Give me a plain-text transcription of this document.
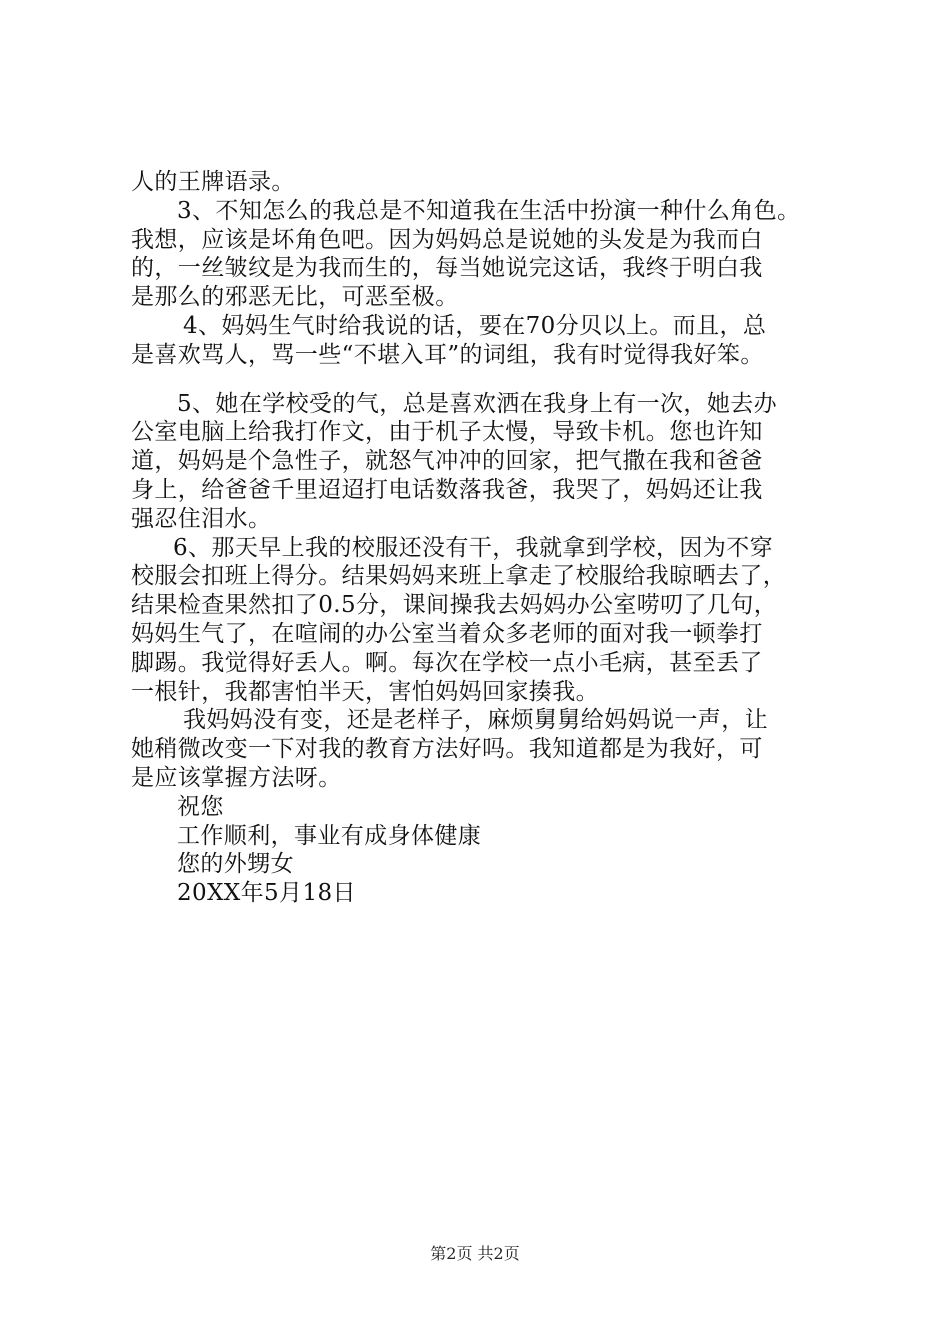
人的王牌语录。
3、不知怎么的我总是不知道我在生活中扮演一种什么角色。
我想，应该是坏角色吧。因为妈妈总是说她的头发是为我而白
的，一丝皱纹是为我而生的，每当她说完这话，我终于明白我
是那么的邪恶无比，可恶至极。
4、妈妈生气时给我说的话，要在70分贝以上。而且，总
是喜欢骂人，骂一些“不堪入耳”的词组，我有时觉得我好笨。
5、她在学校受的气，总是喜欢洒在我身上有一次，她去办
公室电脑上给我打作文，由于机子太慢，导致卡机。您也许知
道，妈妈是个急性子，就怒气冲冲的回家，把气撒在我和爸爸
身上，给爸爸千里迢迢打电话数落我爸，我哭了，妈妈还让我
强忍住泪水。
6、那天早上我的校服还没有干，我就拿到学校，因为不穿
校服会扣班上得分。结果妈妈来班上拿走了校服给我晾晒去了，
结果检查果然扣了0.5分，课间操我去妈妈办公室唠叨了几句，
妈妈生气了，在喧闹的办公室当着众多老师的面对我一顿拳打
脚踢。我觉得好丢人。啊。每次在学校一点小毛病，甚至丢了
一根针，我都害怕半天，害怕妈妈回家揍我。
我妈妈没有变，还是老样子，麻烦舅舅给妈妈说一声，让
她稍微改变一下对我的教育方法好吗。我知道都是为我好，可
是应该掌握方法呀。
祝您
工作顺利，事业有成身体健康
您的外甥女
20XX年5月18日
第2页 共2页
